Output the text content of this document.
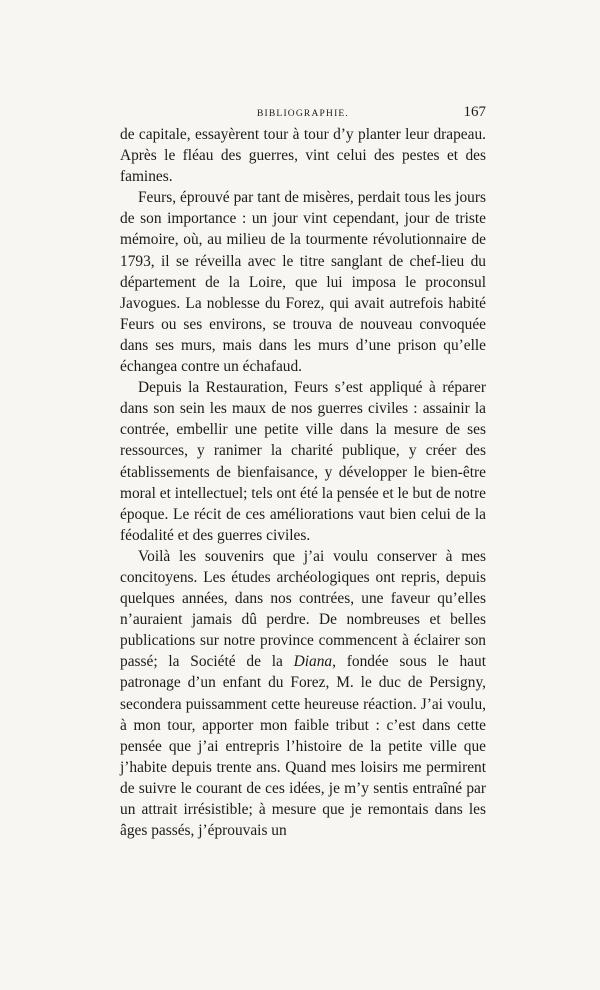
BIBLIOGRAPHIE.	167

de capitale, essayèrent tour à tour d’y planter leur drapeau. Après le fléau des guerres, vint celui des pestes et des famines.

Feurs, éprouvé par tant de misères, perdait tous les jours de son importance : un jour vint cependant, jour de triste mémoire, où, au milieu de la tourmente révolutionnaire de 1793, il se réveilla avec le titre sanglant de chef-lieu du département de la Loire, que lui imposa le proconsul Javogues. La noblesse du Forez, qui avait autrefois habité Feurs ou ses environs, se trouva de nouveau convoquée dans ses murs, mais dans les murs d’une prison qu’elle échangea contre un échafaud.

Depuis la Restauration, Feurs s’est appliqué à réparer dans son sein les maux de nos guerres civiles : assainir la contrée, embellir une petite ville dans la mesure de ses ressources, y ranimer la charité publique, y créer des établissements de bienfaisance, y développer le bien-être moral et intellectuel; tels ont été la pensée et le but de notre époque. Le récit de ces améliorations vaut bien celui de la féodalité et des guerres civiles.

Voilà les souvenirs que j’ai voulu conserver à mes concitoyens. Les études archéologiques ont repris, depuis quelques années, dans nos contrées, une faveur qu’elles n’auraient jamais dû perdre. De nombreuses et belles publications sur notre province commencent à éclairer son passé; la Société de la Diana, fondée sous le haut patronage d’un enfant du Forez, M. le duc de Persigny, secondera puissamment cette heureuse réaction. J’ai voulu, à mon tour, apporter mon faible tribut : c’est dans cette pensée que j’ai entrepris l’histoire de la petite ville que j’habite depuis trente ans. Quand mes loisirs me permirent de suivre le courant de ces idées, je m’y sentis entraîné par un attrait irrésistible; à mesure que je remontais dans les âges passés, j’éprouvais un
